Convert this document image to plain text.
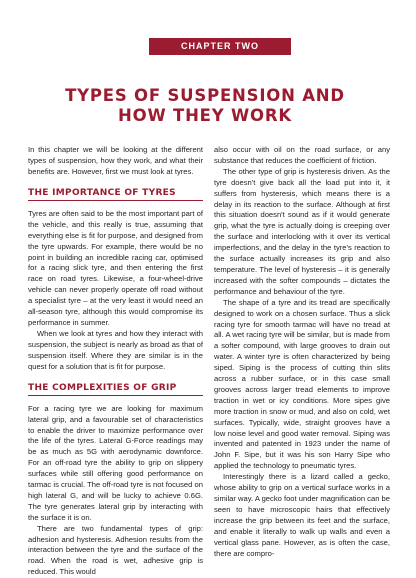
CHAPTER TWO
TYPES OF SUSPENSION AND
HOW THEY WORK

In this chapter we will be looking at the different types of suspension, how they work, and what their benefits are. However, first we must look at tyres.

THE IMPORTANCE OF TYRES

Tyres are often said to be the most important part of the vehicle, and this really is true, assuming that everything else is fit for purpose, and designed from the tyre upwards. For example, there would be no point in building an incredible racing car, optimised for a racing slick tyre, and then entering the first race on road tyres. Likewise, a four-wheel-drive vehicle can never properly operate off road without a specialist tyre – at the very least it would need an all-season tyre, although this would compromise its performance in summer.

When we look at tyres and how they interact with suspension, the subject is nearly as broad as that of suspension itself. Where they are similar is in the quest for a solution that is fit for purpose.

THE COMPLEXITIES OF GRIP

For a racing tyre we are looking for maximum lateral grip, and a favourable set of characteristics to enable the driver to maximize performance over the life of the tyres. Lateral G-Force readings may be as much as 5G with aerodynamic downforce. For an off-road tyre the ability to grip on slippery surfaces while still offering good performance on tarmac is crucial. The off-road tyre is not focused on high lateral G, and will be lucky to achieve 0.6G. The tyre generates lateral grip by interacting with the surface it is on.

There are two fundamental types of grip: adhesion and hysteresis. Adhesion results from the interaction between the tyre and the surface of the road. When the road is wet, adhesive grip is reduced. This would

also occur with oil on the road surface, or any substance that reduces the coefficient of friction.

The other type of grip is hysteresis driven. As the tyre doesn't give back all the load put into it, it suffers from hysteresis, which means there is a delay in its reaction to the surface. Although at first this situation doesn't sound as if it would generate grip, what the tyre is actually doing is creeping over the surface and interlocking with it over its vertical imperfections, and the delay in the tyre's reaction to the surface actually increases its grip and also temperature. The level of hysteresis – it is generally increased with the softer compounds – dictates the performance and behaviour of the tyre.

The shape of a tyre and its tread are specifically designed to work on a chosen surface. Thus a slick racing tyre for smooth tarmac will have no tread at all. A wet racing tyre will be similar, but is made from a softer compound, with large grooves to drain out water. A winter tyre is often characterized by being siped. Siping is the process of cutting thin slits across a rubber surface, or in this case small grooves across larger tread elements to improve traction in wet or icy conditions. More sipes give more traction in snow or mud, and also on cold, wet surfaces. Typically, wide, straight grooves have a low noise level and good water removal. Siping was invented and patented in 1923 under the name of John F. Sipe, but it was his son Harry Sipe who applied the technology to pneumatic tyres.

Interestingly there is a lizard called a gecko, whose ability to grip on a vertical surface works in a similar way. A gecko foot under magnification can be seen to have microscopic hairs that effectively increase the grip between its feet and the surface, and enable it literally to walk up walls and even a vertical glass pane. However, as is often the case, there are compro-
